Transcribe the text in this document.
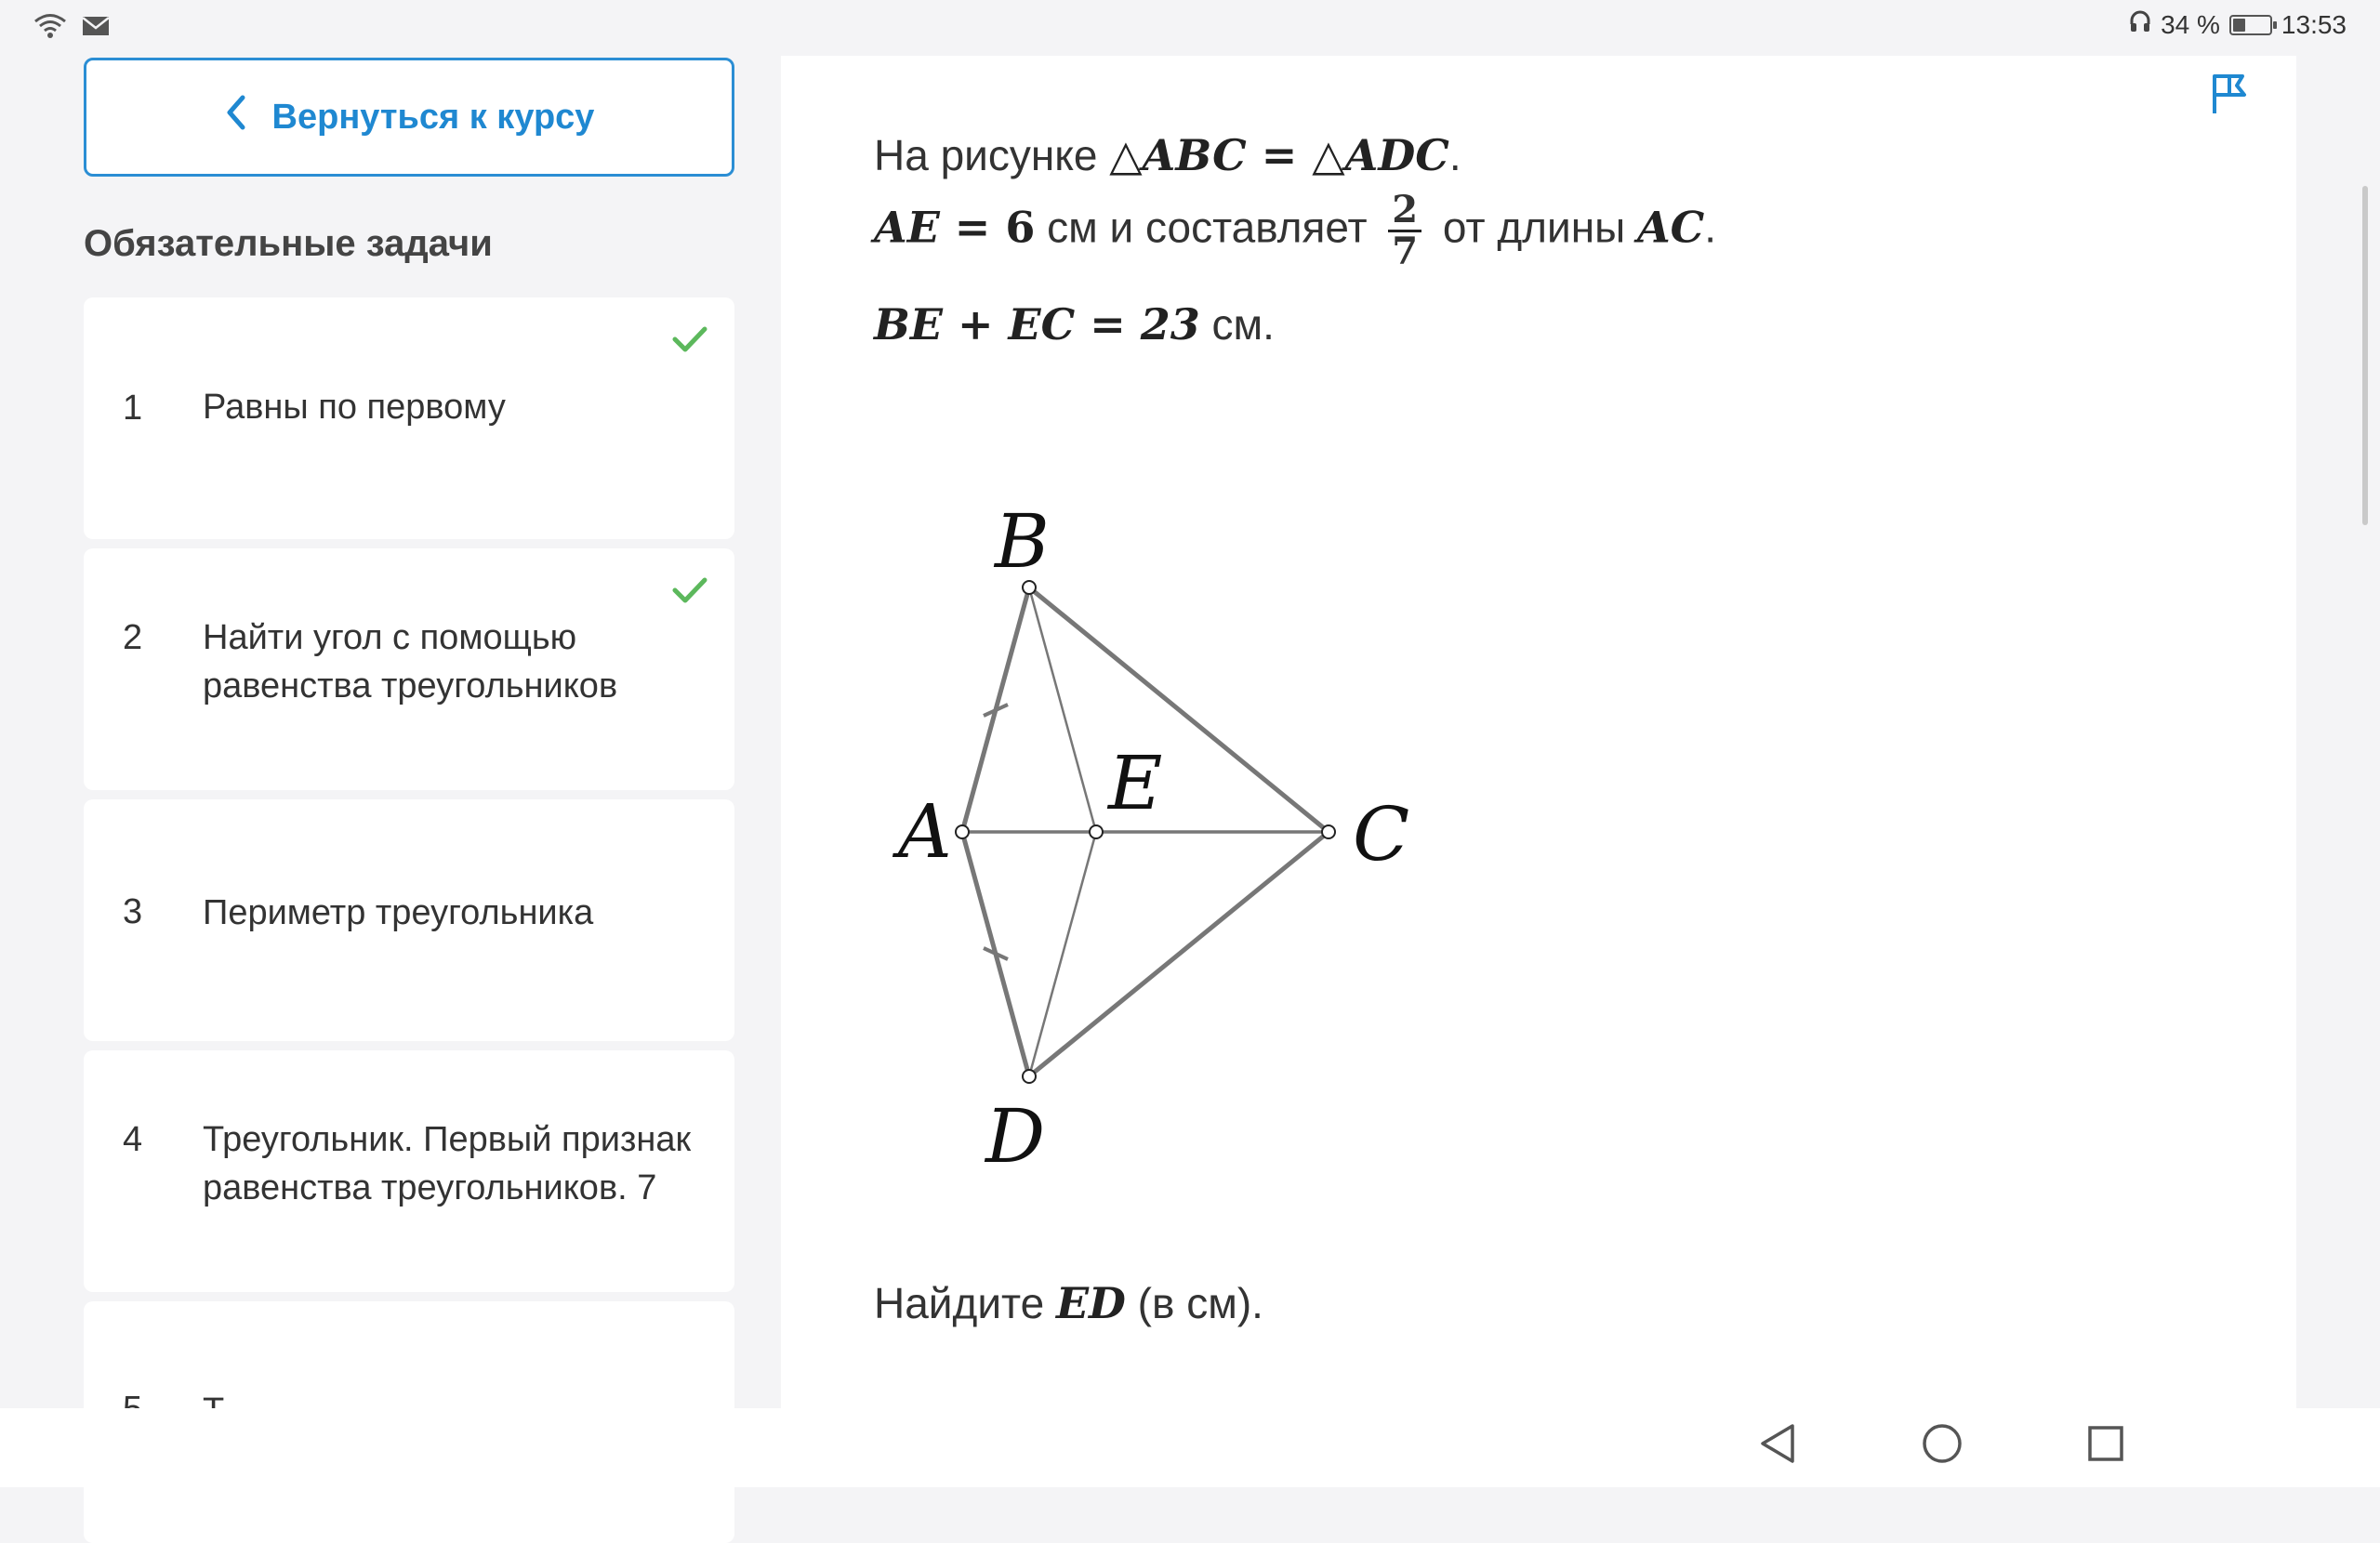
34 % 13:53
Вернуться к курсу
Обязательные задачи
1 Равны по первому
2 Найти угол с помощью равенства треугольников
3 Периметр треугольника
4 Треугольник. Первый признак равенства треугольников. 7
На рисунке △ABC = △ADC.
AE = 6 см и составляет $\frac{2}{7}$ от длины AC.
BE + EC = 23 см.
B
A
E
C
D
Найдите ED (в см).
